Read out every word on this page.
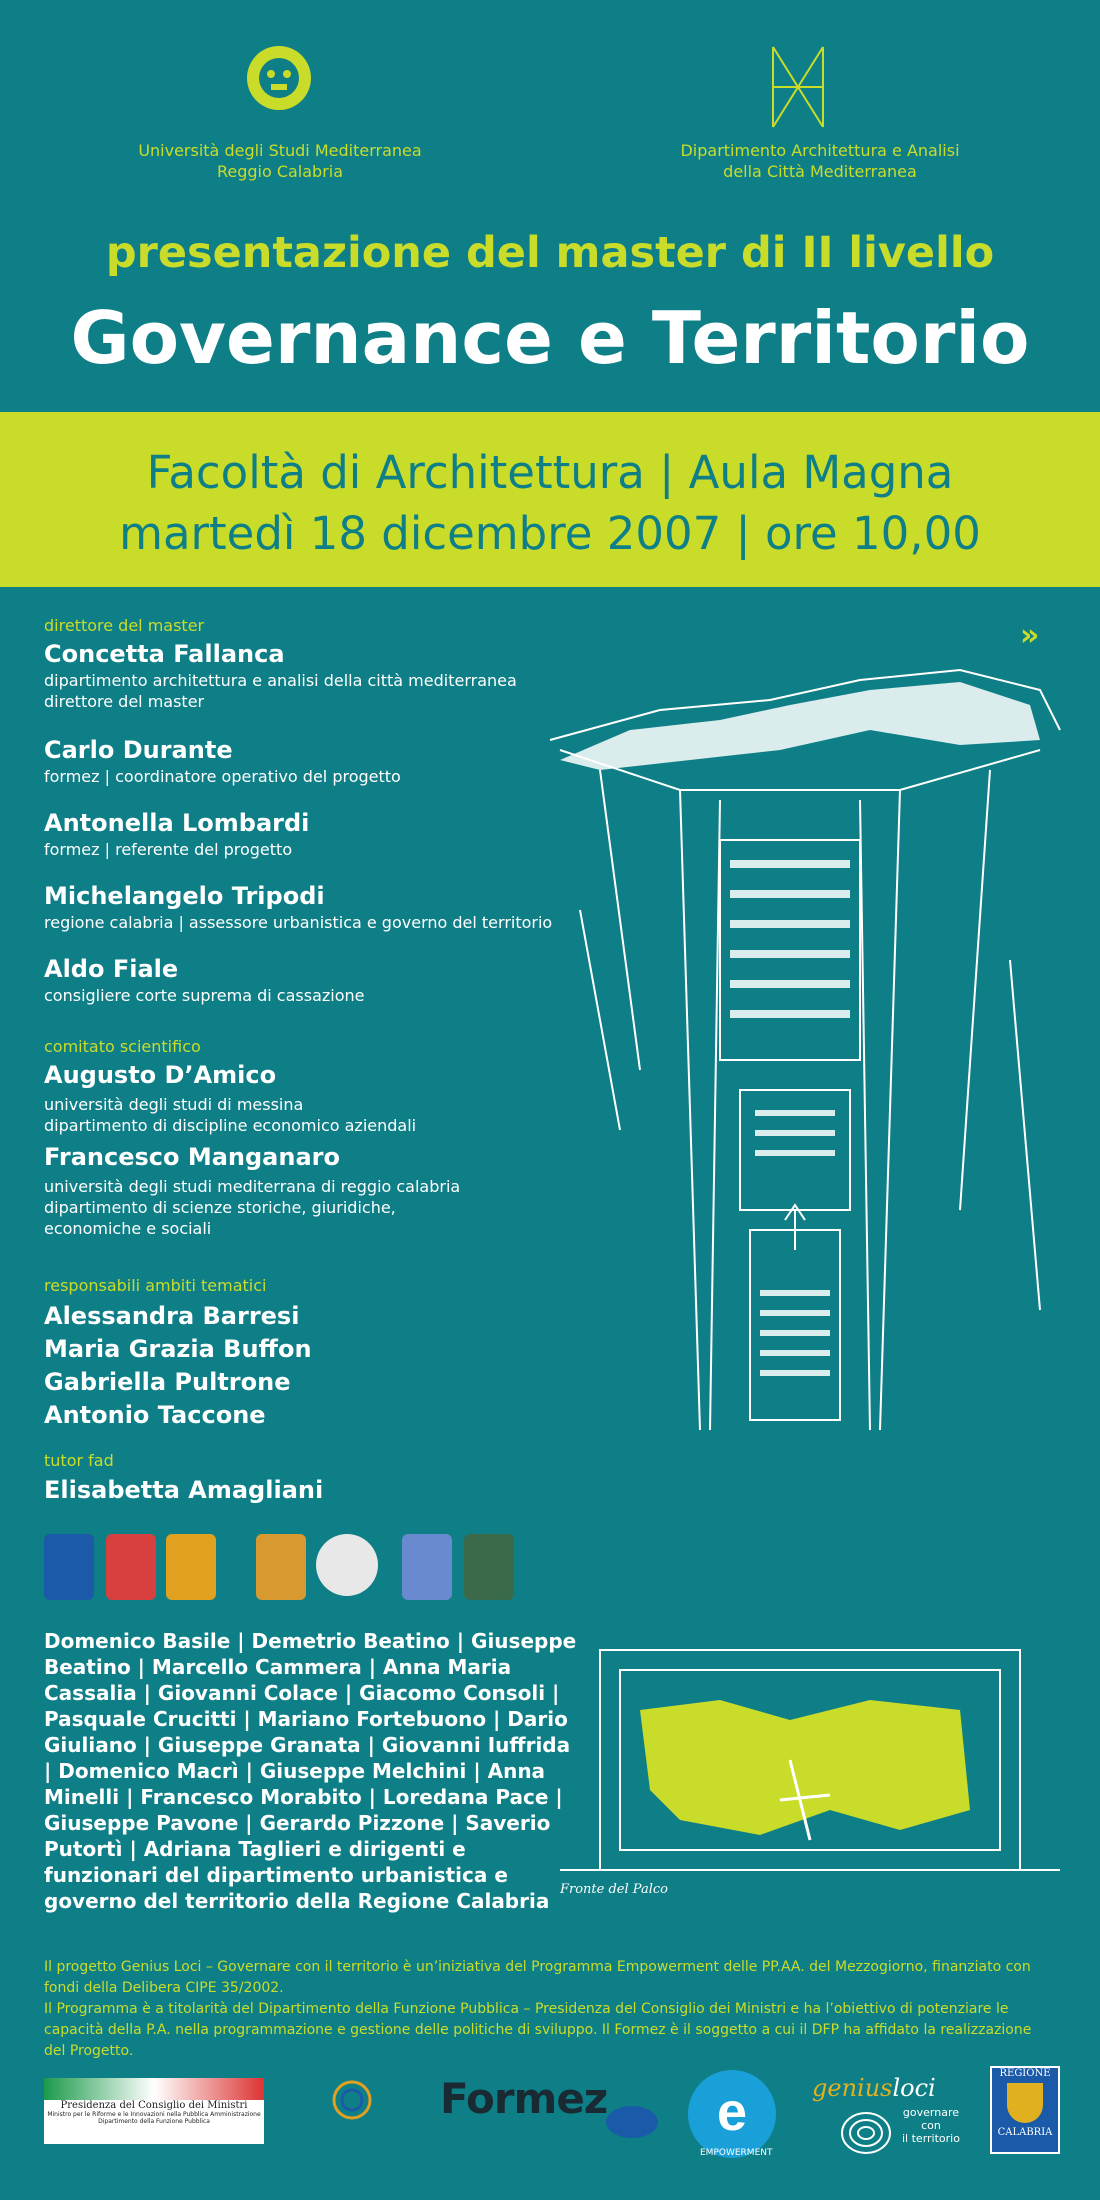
Università degli Studi Mediterranea
Reggio Calabria
Dipartimento Architettura e Analisi
della Città Mediterranea
presentazione del master di II livello
Governance e Territorio
Facoltà di Architettura | Aula Magna
martedì 18 dicembre 2007 | ore 10,00
»
direttore del master
Concetta Fallanca
dipartimento architettura e analisi della città mediterranea
direttore del master
Carlo Durante
formez | coordinatore operativo del progetto
Antonella Lombardi
formez | referente del progetto
Michelangelo Tripodi
regione calabria | assessore urbanistica e governo del territorio
Aldo Fiale
consigliere corte suprema di cassazione
comitato scientifico
Augusto D’Amico
università degli studi di messina
dipartimento di discipline economico aziendali
Francesco Manganaro
università degli studi mediterrana di reggio calabria
dipartimento di scienze storiche, giuridiche,
economiche e sociali
responsabili ambiti tematici
Alessandra Barresi
Maria Grazia Buffon
Gabriella Pultrone
Antonio Taccone
tutor fad
Elisabetta Amagliani
Domenico Basile | Demetrio Beatino | Giuseppe Beatino | Marcello Cammera | Anna Maria Cassalia | Giovanni Colace | Giacomo Consoli | Pasquale Crucitti | Mariano Fortebuono | Dario Giuliano | Giuseppe Granata | Giovanni Iuffrida | Domenico Macrì | Giuseppe Melchini | Anna Minelli | Francesco Morabito | Loredana Pace | Giuseppe Pavone | Gerardo Pizzone | Saverio Putortì | Adriana Taglieri e dirigenti e funzionari del dipartimento urbanistica e governo del territorio della Regione Calabria Fronte del Palco
Il progetto Genius Loci – Governare con il territorio è un’iniziativa del Programma Empowerment delle PP.AA. del Mezzogiorno, finanziato con fondi della Delibera CIPE 35/2002.
Il Programma è a titolarità del Dipartimento della Funzione Pubblica – Presidenza del Consiglio dei Ministri e ha l’obiettivo di potenziare le capacità della P.A. nella programmazione e gestione delle politiche di sviluppo. Il Formez è il soggetto a cui il DFP ha affidato la realizzazione del Progetto.
Presidenza del Consiglio dei Ministri
Ministro per le Riforme e le Innovazioni nella Pubblica Amministrazione
Dipartimento della Funzione Pubblica	Formez e
EMPOWERMENT
geniusloci
governare
con
il territorio
REGIONE
CALABRIA
